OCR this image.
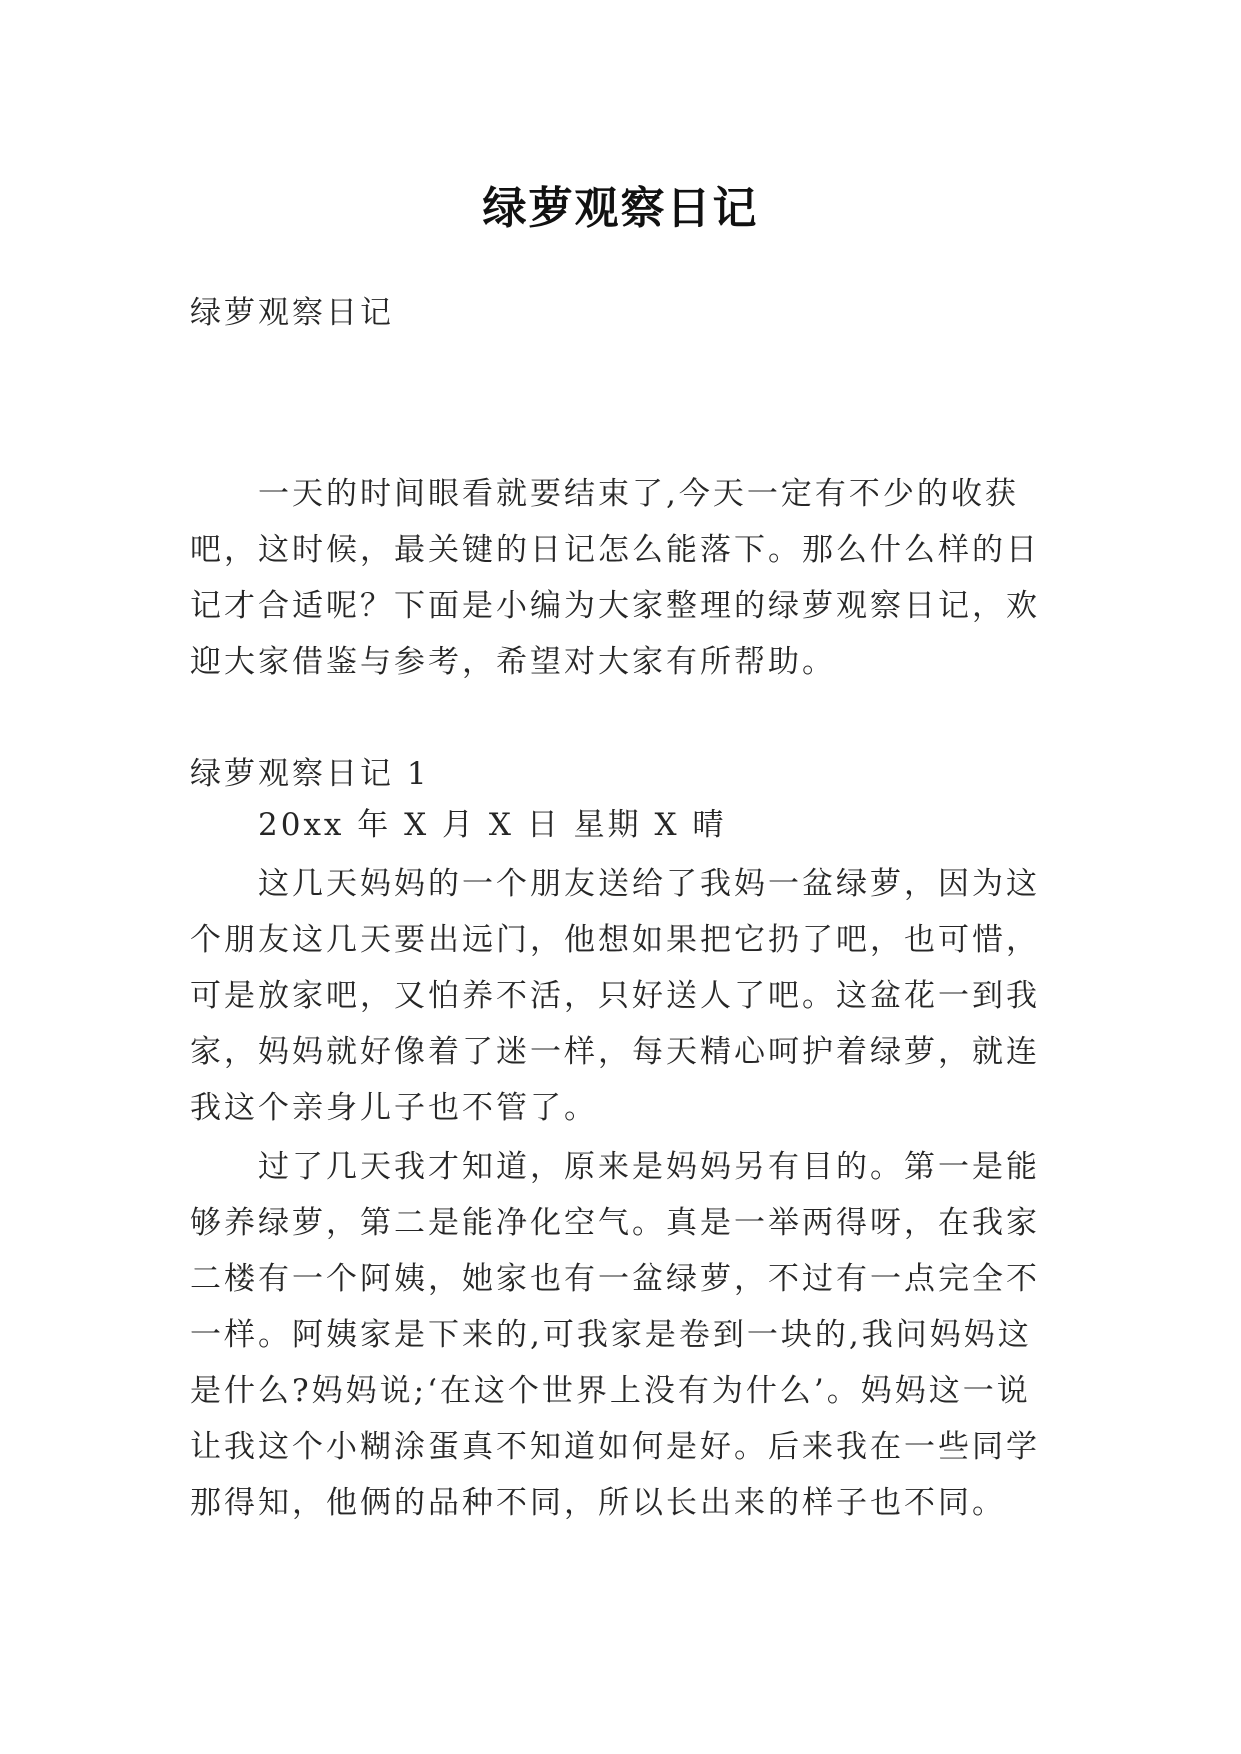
绿萝观察日记

绿萝观察日记

一天的时间眼看就要结束了,今天一定有不少的收获吧，这时候，最关键的日记怎么能落下。那么什么样的日记才合适呢？下面是小编为大家整理的绿萝观察日记，欢迎大家借鉴与参考，希望对大家有所帮助。

绿萝观察日记 1

20xx 年 X 月 X 日 星期 X 晴

这几天妈妈的一个朋友送给了我妈一盆绿萝，因为这个朋友这几天要出远门，他想如果把它扔了吧，也可惜，可是放家吧，又怕养不活，只好送人了吧。这盆花一到我家，妈妈就好像着了迷一样，每天精心呵护着绿萝，就连我这个亲身儿子也不管了。

过了几天我才知道，原来是妈妈另有目的。第一是能够养绿萝，第二是能净化空气。真是一举两得呀，在我家二楼有一个阿姨，她家也有一盆绿萝，不过有一点完全不一样。阿姨家是下来的,可我家是卷到一块的,我问妈妈这是什么?妈妈说;‘在这个世界上没有为什么’。妈妈这一说让我这个小糊涂蛋真不知道如何是好。后来我在一些同学那得知，他俩的品种不同，所以长出来的样子也不同。
